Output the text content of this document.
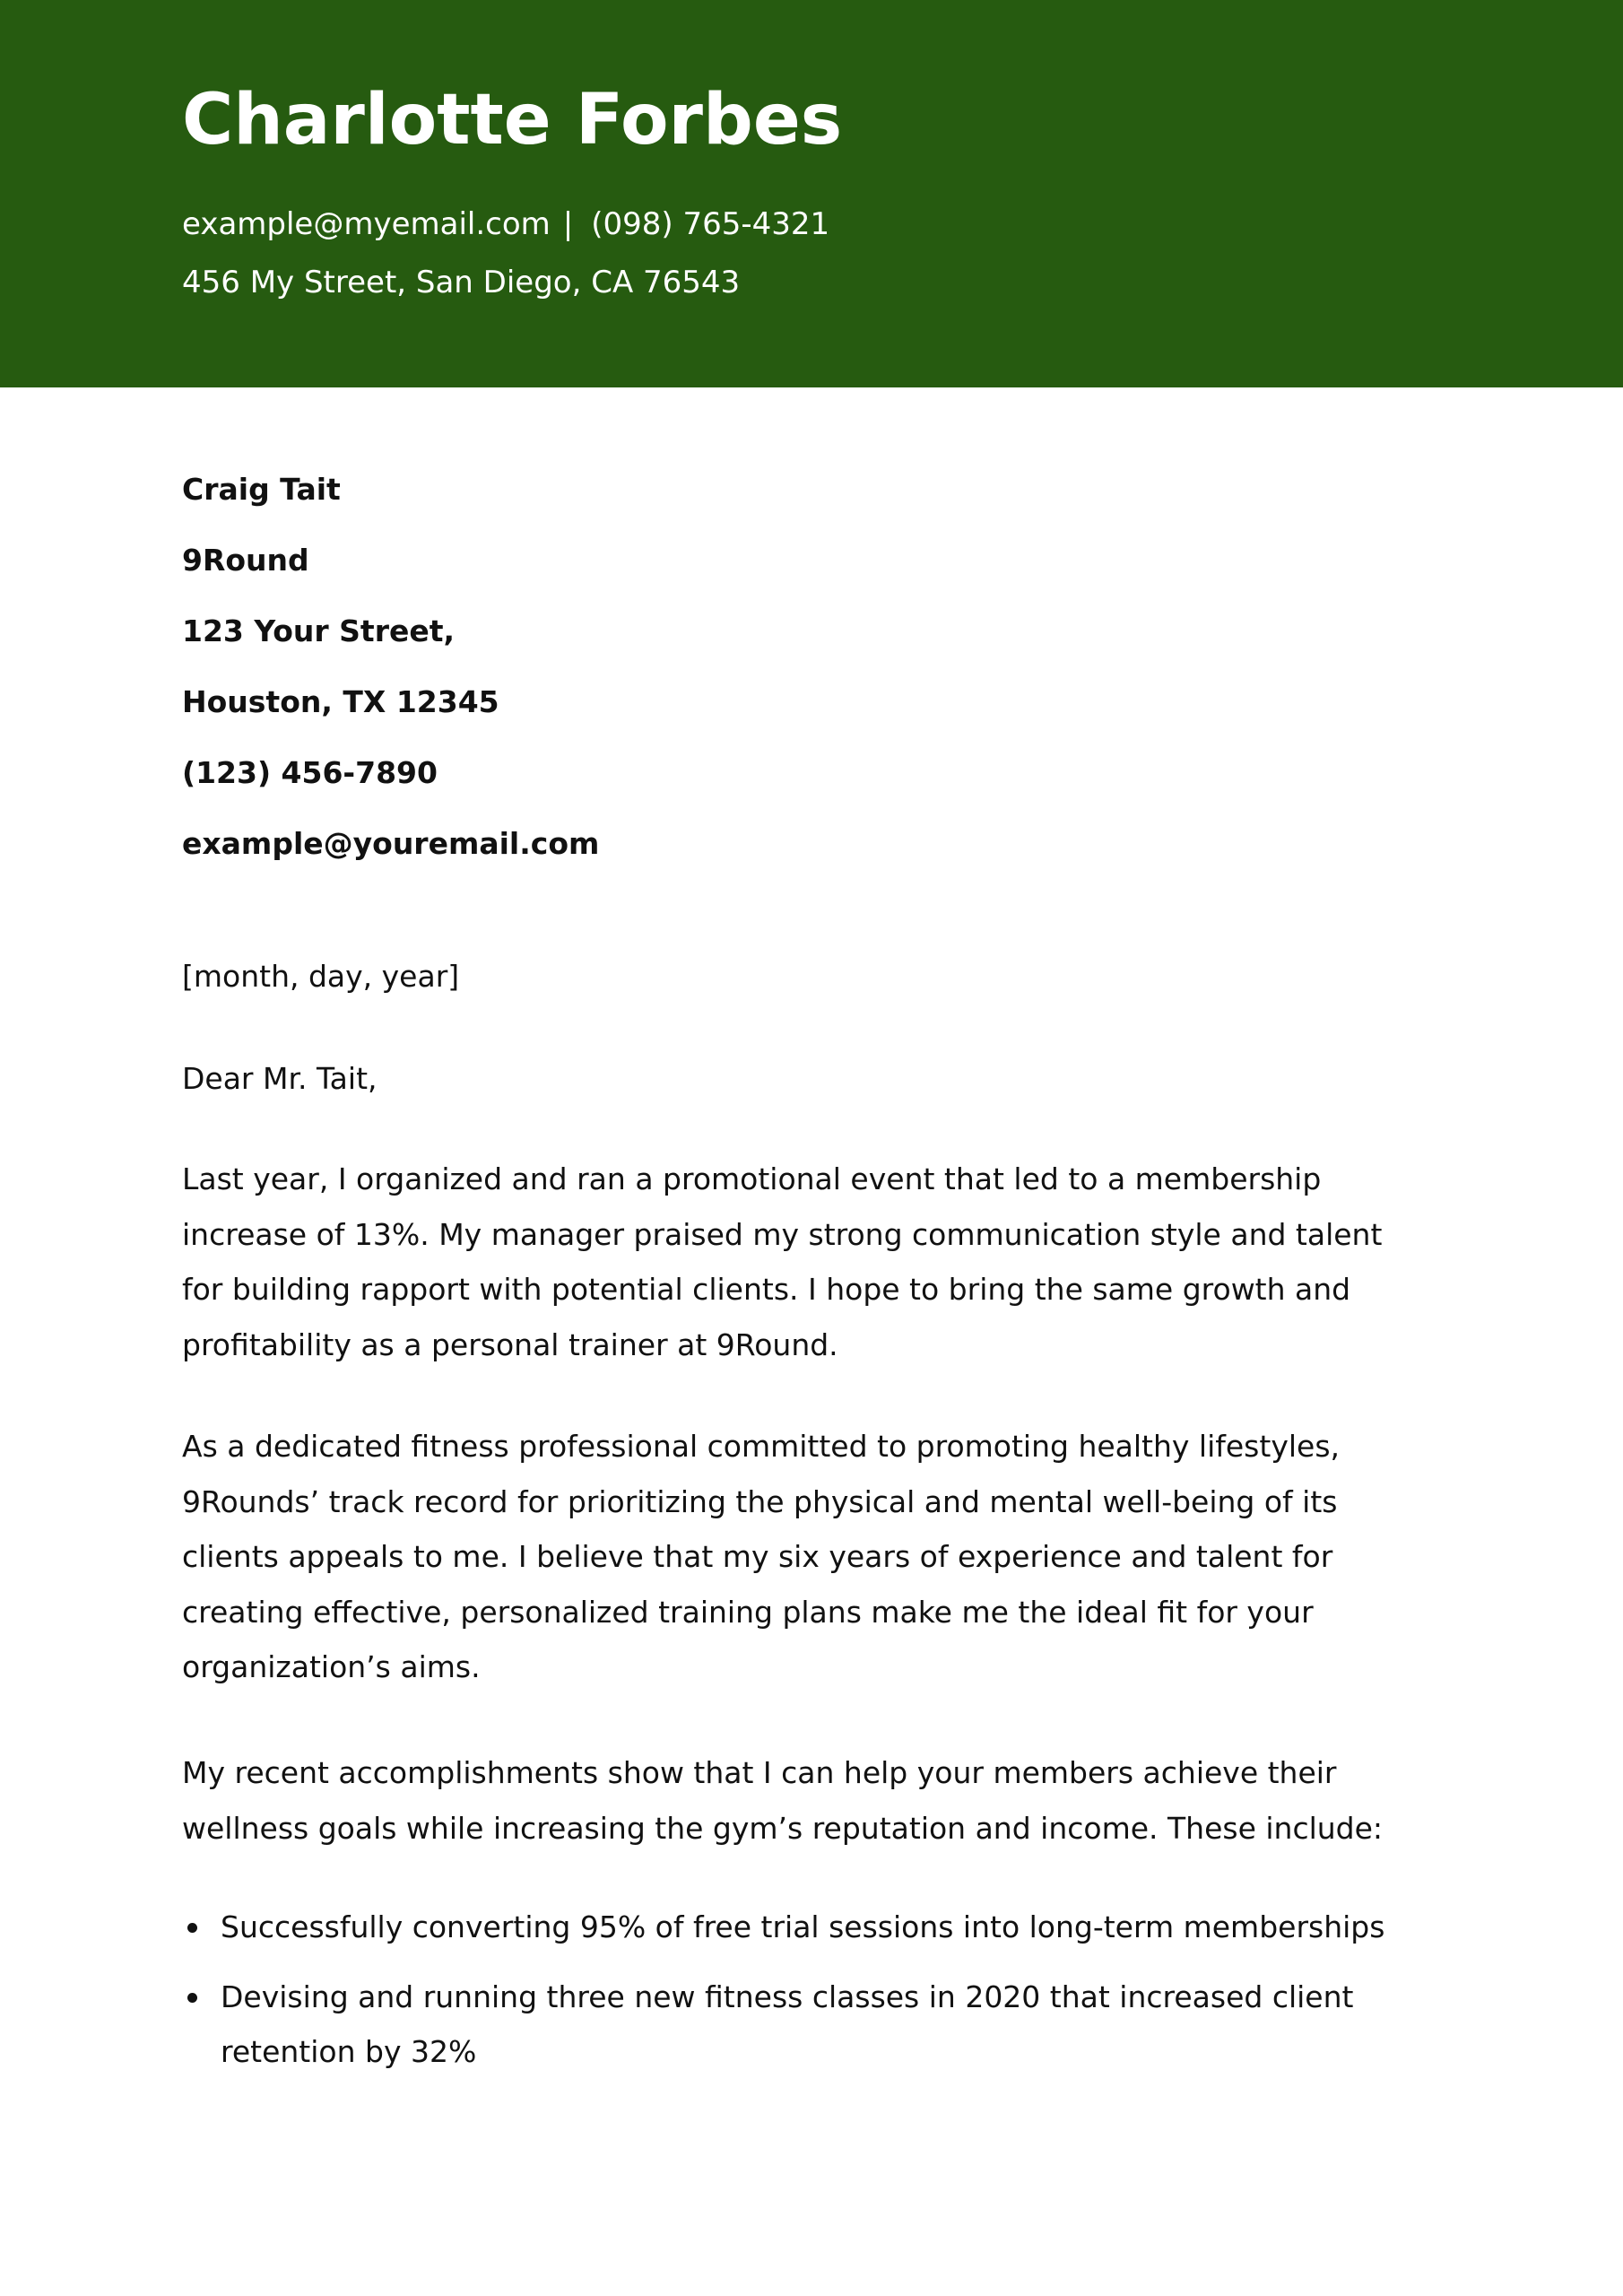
Charlotte Forbes
example@myemail.com | (098) 765-4321
456 My Street, San Diego, CA 76543
Craig Tait
9Round
123 Your Street,
Houston, TX 12345
(123) 456-7890
example@youremail.com
[month, day, year]
Dear Mr. Tait,

Last year, I organized and ran a promotional event that led to a membership increase of 13%. My manager praised my strong communication style and talent for building rapport with potential clients. I hope to bring the same growth and profitability as a personal trainer at 9Round.

As a dedicated fitness professional committed to promoting healthy lifestyles, 9Rounds’ track record for prioritizing the physical and mental well-being of its clients appeals to me. I believe that my six years of experience and talent for creating effective, personalized training plans make me the ideal fit for your organization’s aims.

My recent accomplishments show that I can help your members achieve their wellness goals while increasing the gym’s reputation and income. These include:

Successfully converting 95% of free trial sessions into long-term memberships
Devising and running three new fitness classes in 2020 that increased client retention by 32%
